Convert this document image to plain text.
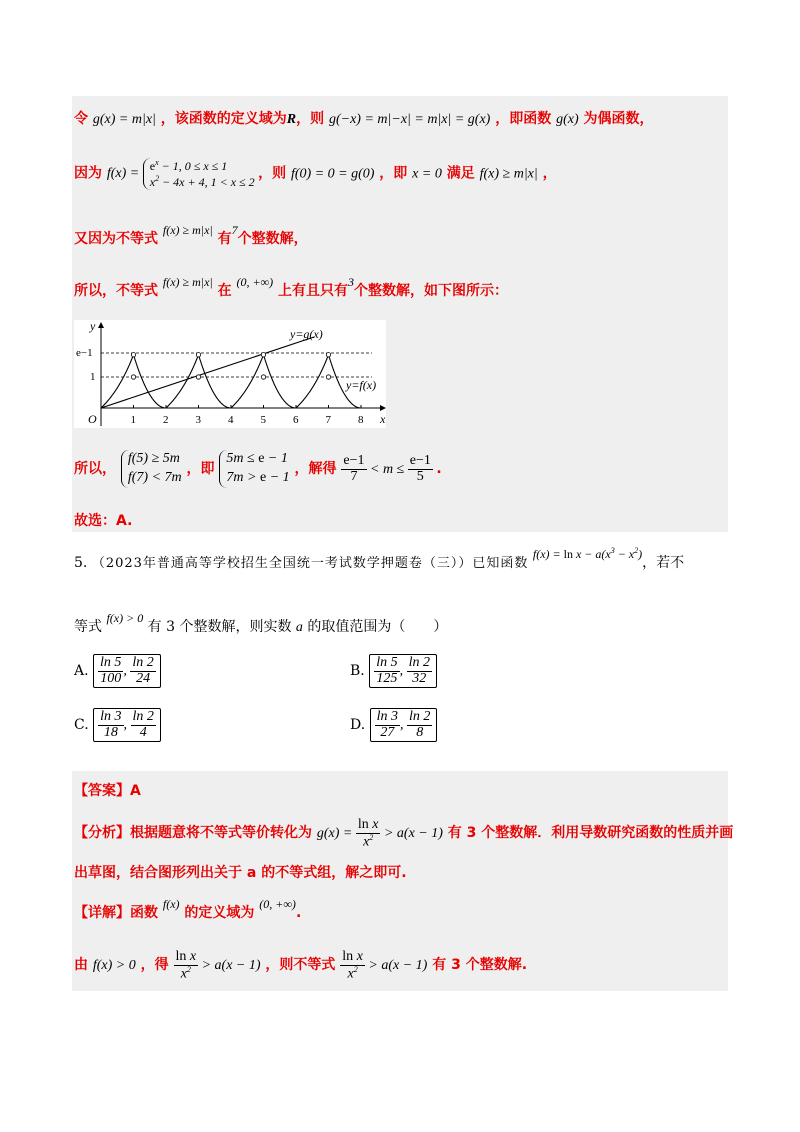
令 g(x) = m|x| ，该函数的定义域为R，则 g(−x) = m|−x| = m|x| = g(x) ，即函数 g(x) 为偶函数，
因为 $f(x) = e^x - 1$, 0 ≤ x ≤ 1
$x^2 - 4x + 4$, 1 < x ≤ 2 ，则 f(0) = 0 = g(0) ，即 x = 0 满足 f(x) ≥ m|x| ，
又因为不等式 f(x) ≥ m|x| 有7个整数解，
所以，不等式 f(x) ≥ m|x| 在 (0, +∞) 上有且只有3个整数解，如下图所示：
y
x
O
e−1
1
1 2 3 4 5 6 7 8
y=g(x)
y=f(x)
所以， f(5) ≥ 5m
f(7) < 7m ，即 5m ≤ e − 1
7m > e − 1 ，解得 $\frac{e-1}{7} < m \le \frac{e-1}{5}$ .
故选：A.
5. （2023年普通高等学校招生全国统一考试数学押题卷（三））已知函数 $f(x) = \ln x - a(x^3 - x^2)$，若不
等式 f(x) > 0 有 3 个整数解，则实数 a 的取值范围为（　　）
A. $\frac{\ln 5}{100}$ , $\frac{\ln 2}{24}$	B. $\frac{\ln 5}{125}$ , $\frac{\ln 2}{32}$
C. $\frac{\ln 3}{18}$ , $\frac{\ln 2}{4}$	D. $\frac{\ln 3}{27}$ , $\frac{\ln 2}{8}$
【答案】A
【分析】根据题意将不等式等价转化为 $g(x) = \frac{\text{ln x}}{x^2} > a(x - 1)$ 有 3 个整数解．利用导数研究函数的性质并画
出草图，结合图形列出关于 a 的不等式组，解之即可.
【详解】函数 f(x) 的定义域为 (0, +∞).
由 f(x) > 0 ，得 $\frac{\text{ln x}}{x^2} > a(x - 1)$ ，则不等式 $\frac{\text{ln x}}{x^2} > a(x - 1)$ 有 3 个整数解.
